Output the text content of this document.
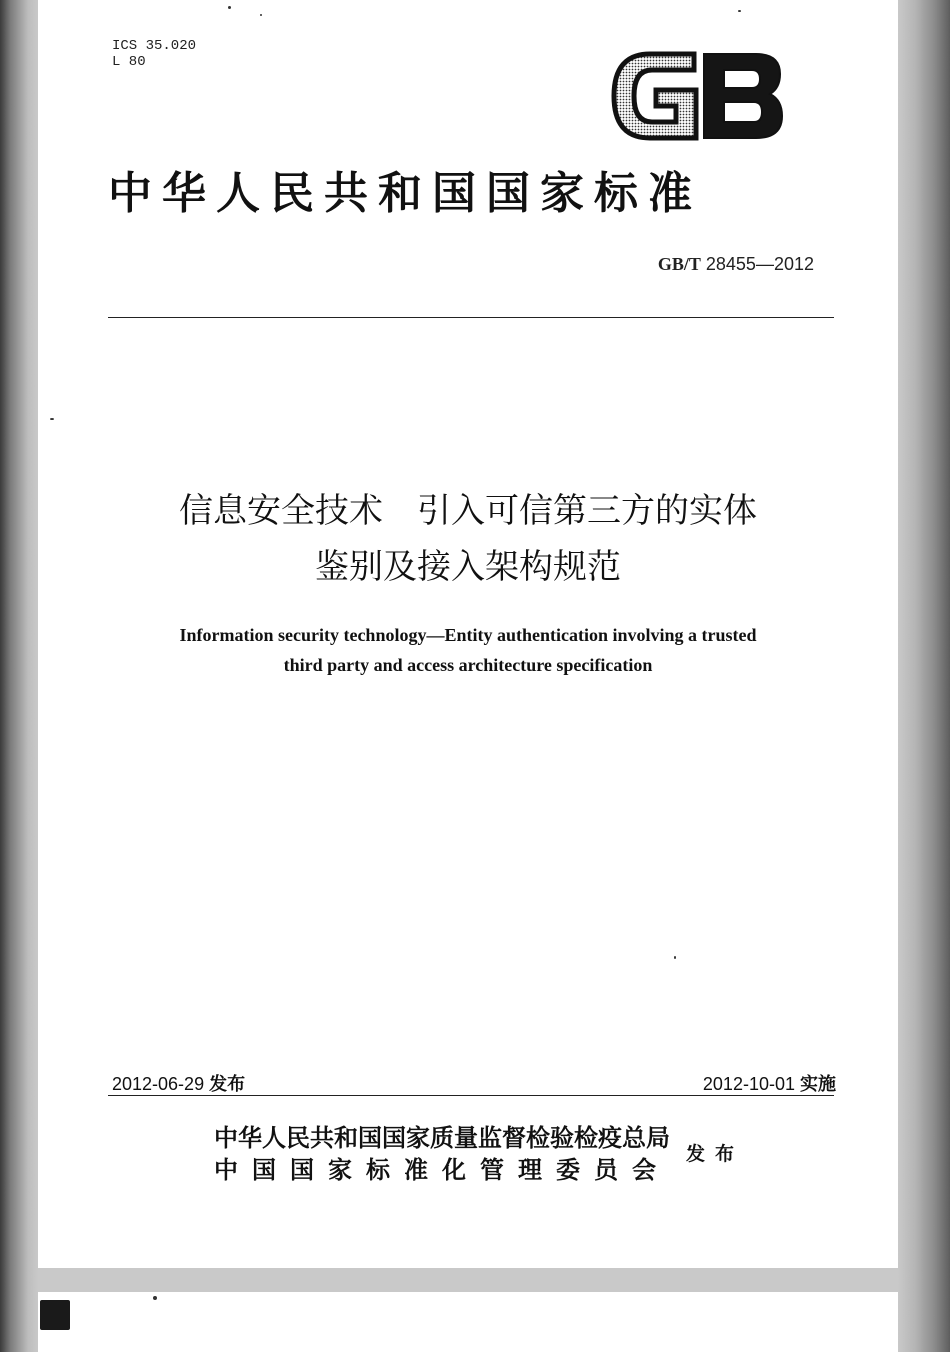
ICS 35.020
L 80
中华人民共和国国家标准
GB/T 28455—2012
信息安全技术　引入可信第三方的实体
鉴别及接入架构规范
Information security technology—Entity authentication involving a trusted
third party and access architecture specification
2012-06-29 发布	2012-10-01 实施
中华人民共和国国家质量监督检验检疫总局
中国国家标准化管理委员会
发布
